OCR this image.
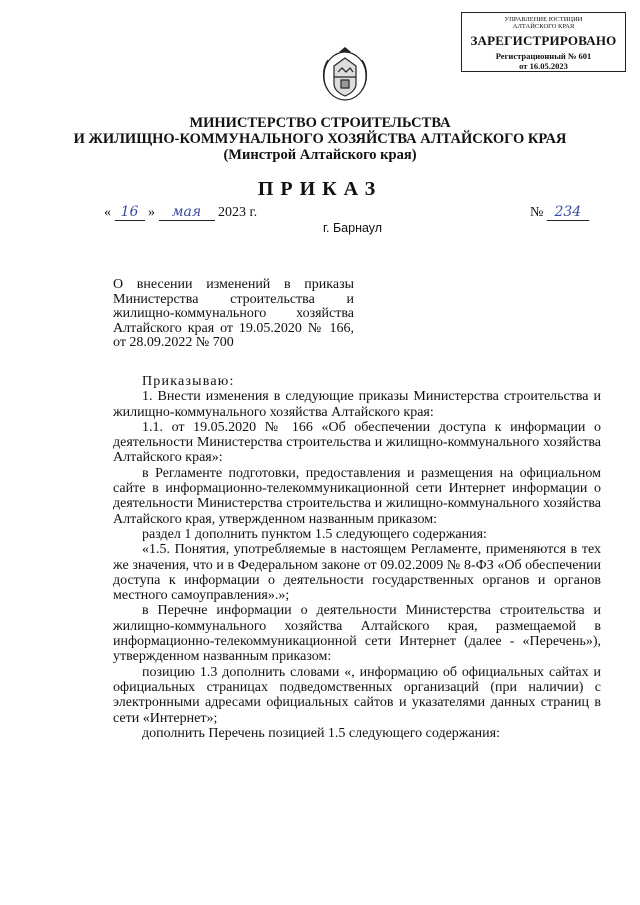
УПРАВЛЕНИЕ ЮСТИЦИИ
АЛТАЙСКОГО КРАЯ
ЗАРЕГИСТРИРОВАНО
Регистрационный № 601
от 16.05.2023
МИНИСТЕРСТВО СТРОИТЕЛЬСТВА
И ЖИЛИЩНО-КОММУНАЛЬНОГО ХОЗЯЙСТВА АЛТАЙСКОГО КРАЯ
(Минстрой Алтайского края)
ПРИКАЗ
« 16 » мая 2023 г.	№ 234
г. Барнаул
О внесении изменений в приказы Министерства строительства и жилищно-коммунального хозяйства Алтайского края от 19.05.2020 № 166, от 28.09.2022 № 700

Приказываю:

1. Внести изменения в следующие приказы Министерства строительства и жилищно-коммунального хозяйства Алтайского края:

1.1. от 19.05.2020 № 166 «Об обеспечении доступа к информации о деятельности Министерства строительства и жилищно-коммунального хозяйства Алтайского края»:

в Регламенте подготовки, предоставления и размещения на официальном сайте в информационно-телекоммуникационной сети Интернет информации о деятельности Министерства строительства и жилищно-коммунального хозяйства Алтайского края, утвержденном названным приказом:

раздел 1 дополнить пунктом 1.5 следующего содержания:

«1.5. Понятия, употребляемые в настоящем Регламенте, применяются в тех же значения, что и в Федеральном законе от 09.02.2009 № 8-ФЗ «Об обеспечении доступа к информации о деятельности государственных органов и органов местного самоуправления».»;

в Перечне информации о деятельности Министерства строительства и жилищно-коммунального хозяйства Алтайского края, размещаемой в информационно-телекоммуникационной сети Интернет (далее - «Перечень»), утвержденном названным приказом:

позицию 1.3 дополнить словами «, информацию об официальных сайтах и официальных страницах подведомственных организаций (при наличии) с электронными адресами официальных сайтов и указателями данных страниц в сети «Интернет»;

дополнить Перечень позицией 1.5 следующего содержания:
